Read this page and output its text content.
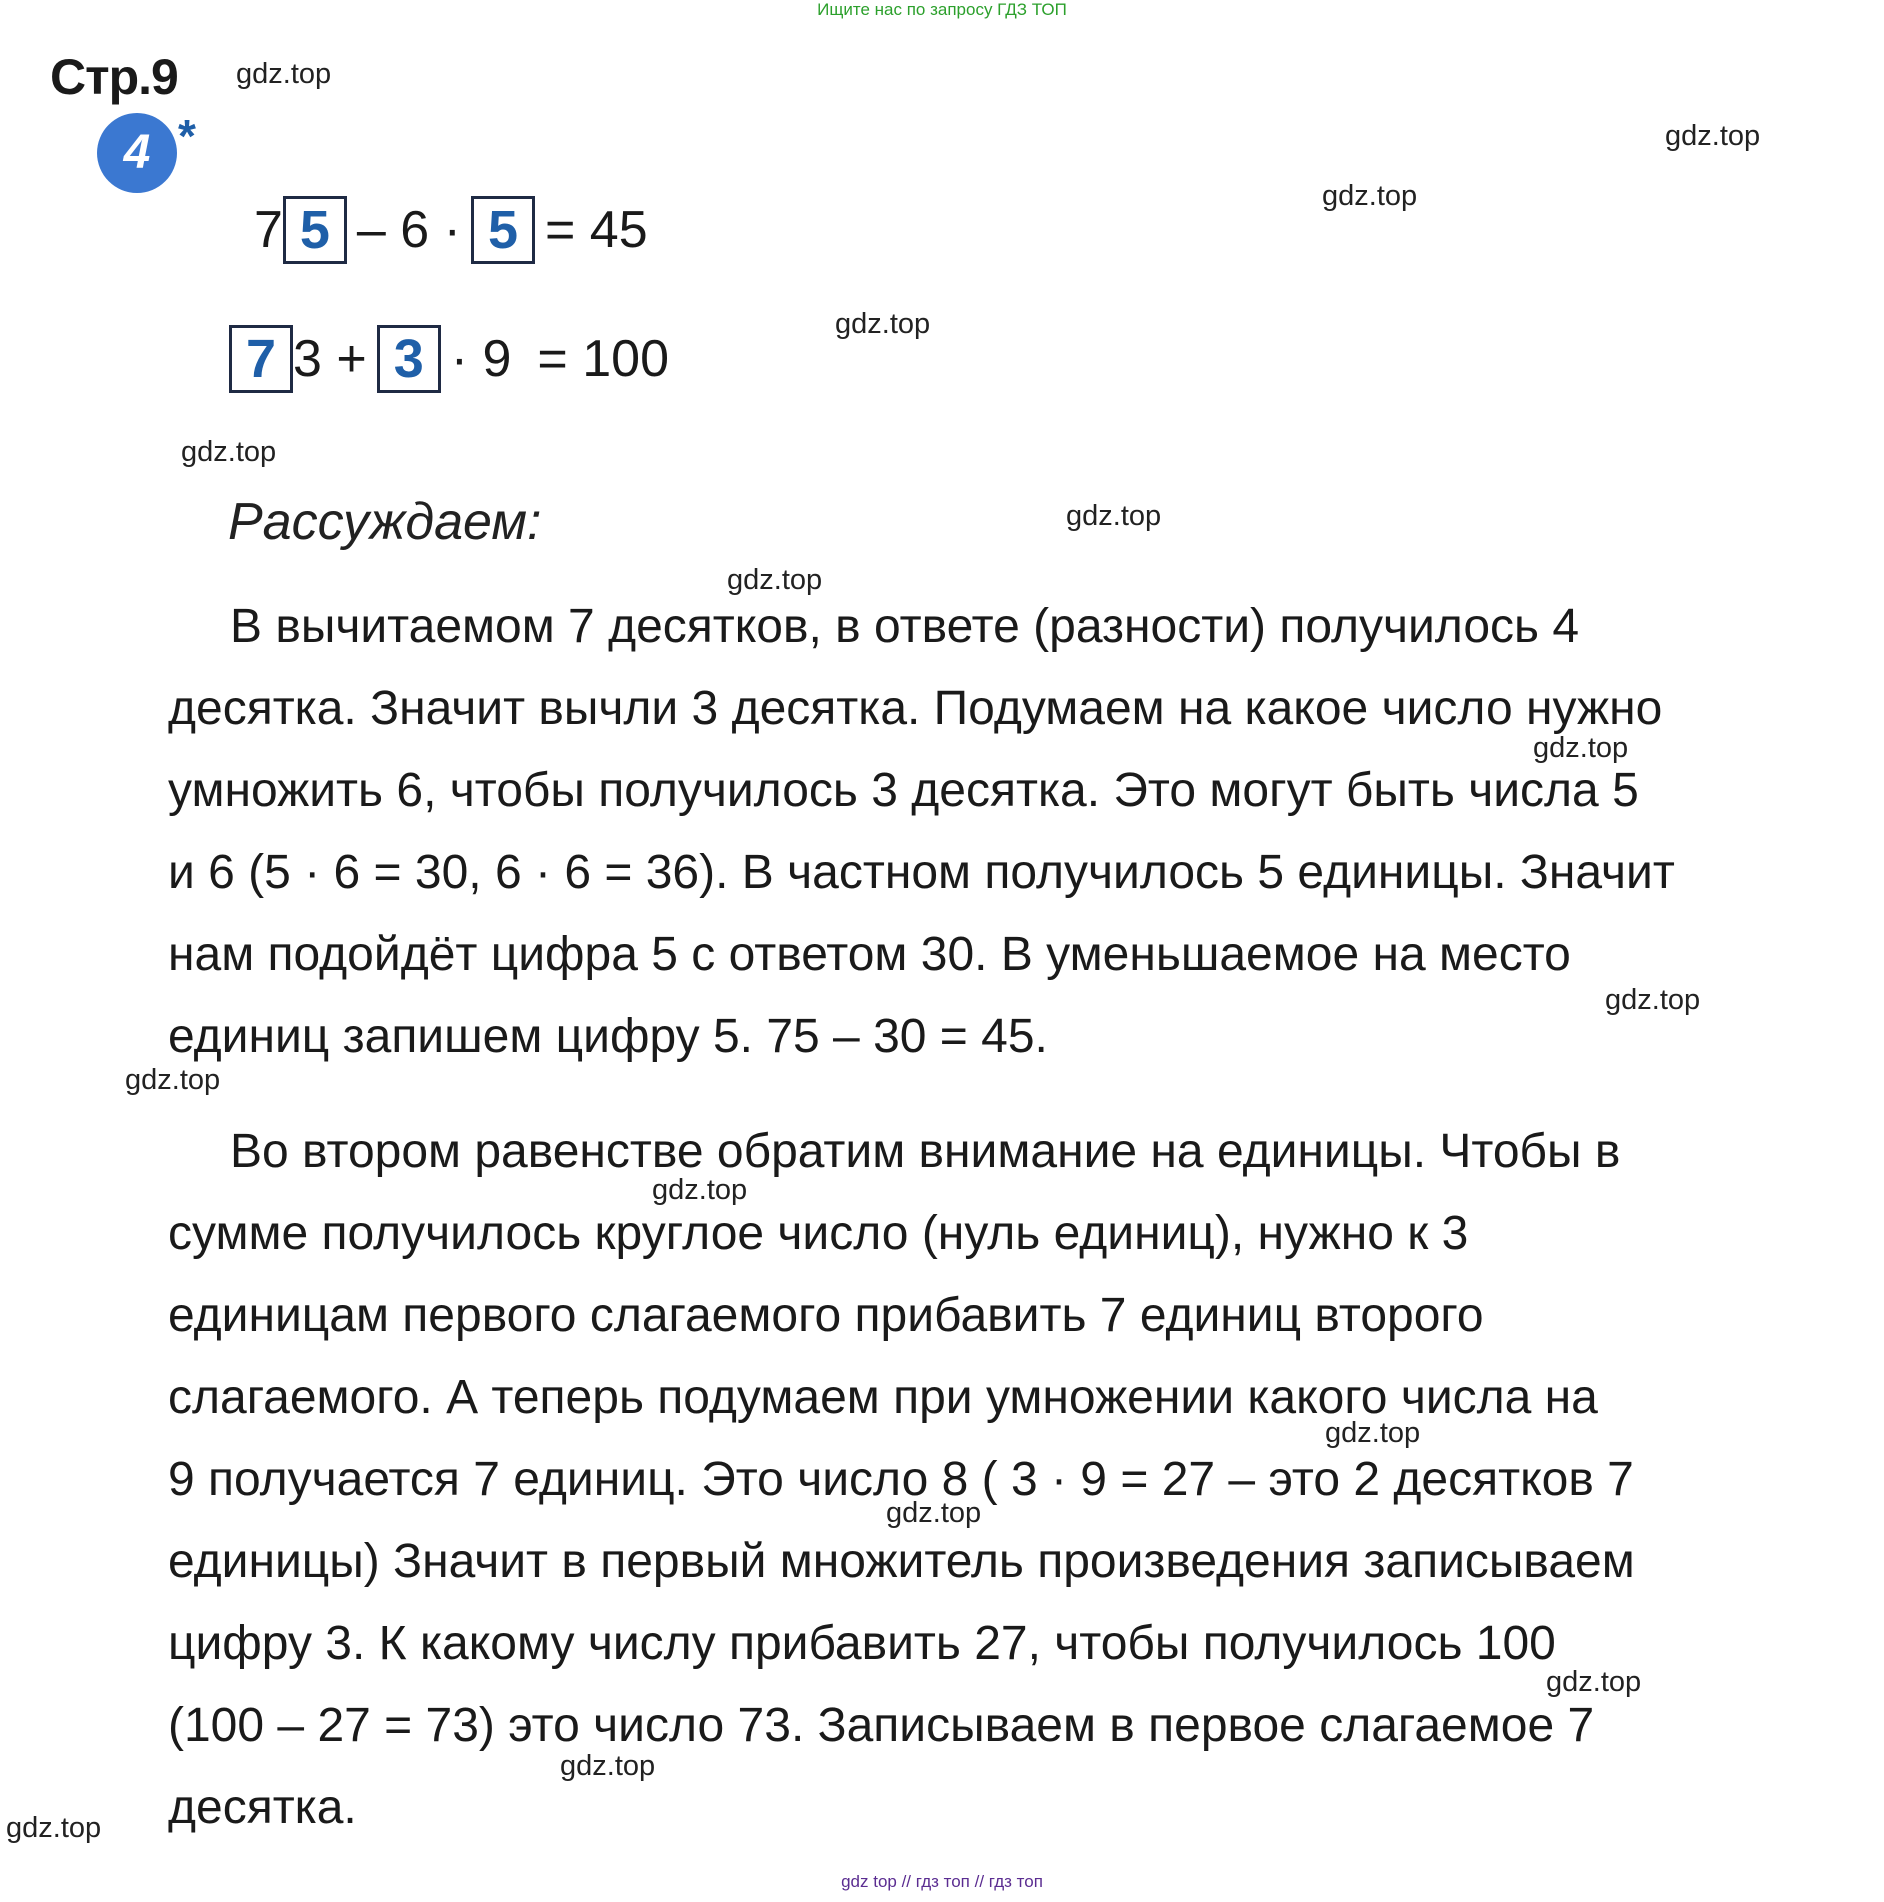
Ищите нас по запросу ГДЗ ТОП
Стр.9
4 *
7 5 – 6 · 5 = 45
7 3 + 3 · 9 = 100
Рассуждаем:
В вычитаемом 7 десятков, в ответе (разности) получилось 4
десятка. Значит вычли 3 десятка. Подумаем на какое число нужно
умножить 6, чтобы получилось 3 десятка. Это могут быть числа 5
и 6 (5 · 6 = 30, 6 · 6 = 36). В частном получилось 5 единицы. Значит
нам подойдёт цифра 5 с ответом 30. В уменьшаемое на место
единиц запишем цифру 5. 75 – 30 = 45.
Во втором равенстве обратим внимание на единицы. Чтобы в
сумме получилось круглое число (нуль единиц), нужно к 3
единицам первого слагаемого прибавить 7 единиц второго
слагаемого. А теперь подумаем при умножении какого числа на
9 получается 7 единиц. Это число 8 ( 3 · 9 = 27 – это 2 десятков 7
единицы) Значит в первый множитель произведения записываем
цифру 3. К какому числу прибавить 27, чтобы получилось 100
(100 – 27 = 73) это число 73. Записываем в первое слагаемое 7
десятка.
gdz.top
gdz.top
gdz.top
gdz.top
gdz.top
gdz.top
gdz.top
gdz.top
gdz.top
gdz.top
gdz.top
gdz.top
gdz.top
gdz.top
gdz.top
gdz.top
gdz top // гдз топ // гдз топ
